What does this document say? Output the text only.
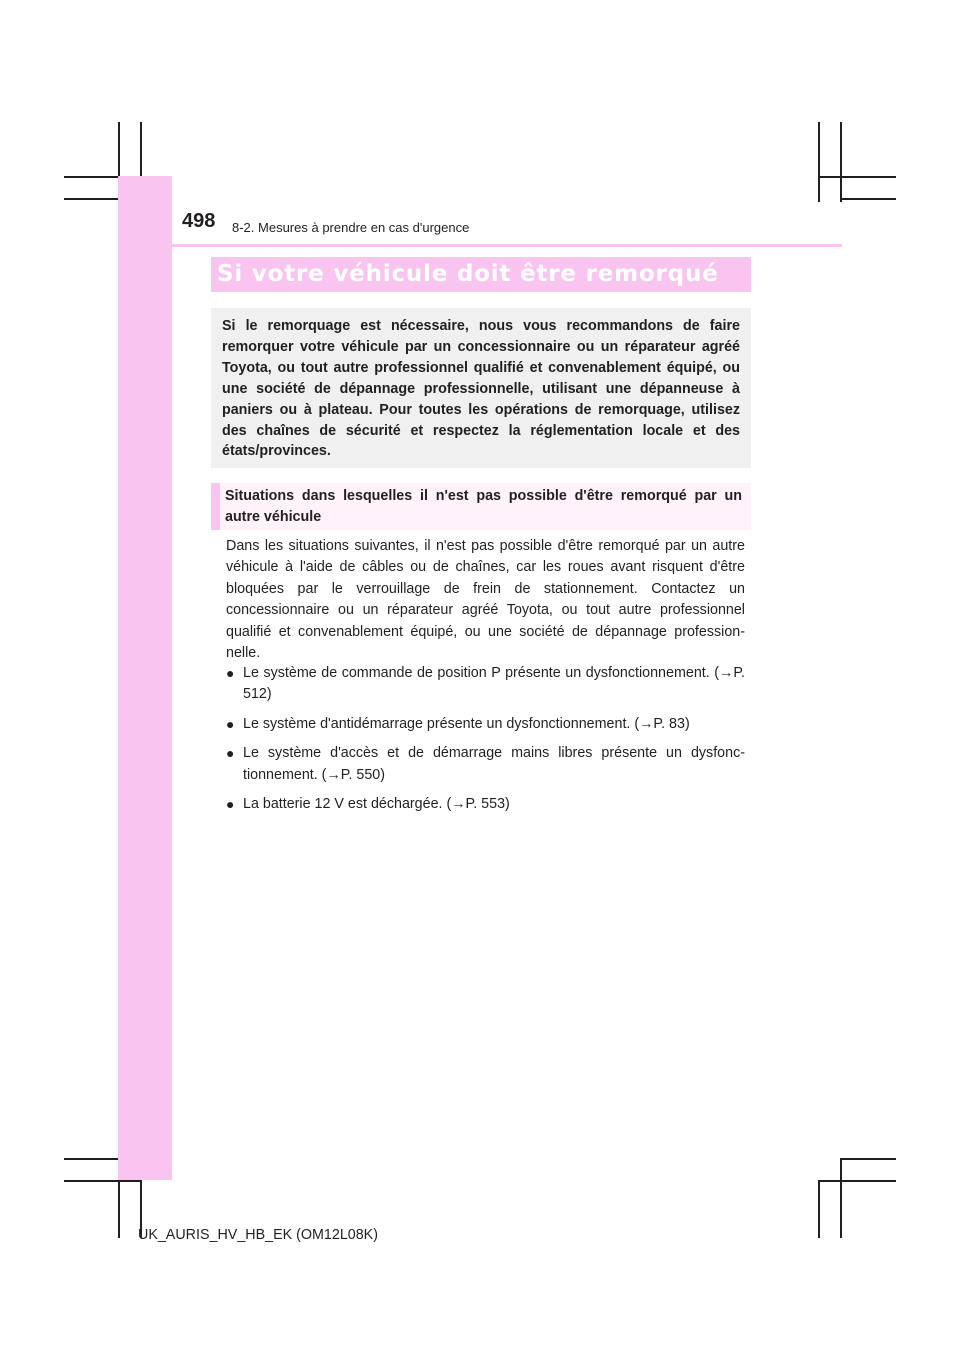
498 8-2. Mesures à prendre en cas d'urgence
Si votre véhicule doit être remorqué

Si le remorquage est nécessaire, nous vous recommandons de faire remorquer votre véhicule par un concessionnaire ou un réparateur agréé Toyota, ou tout autre professionnel qualifié et convenablement équipé, ou une société de dépannage professionnelle, utilisant une dépanneuse à paniers ou à plateau. Pour toutes les opérations de remorquage, utilisez des chaînes de sécurité et respectez la réglementation locale et des états/provinces.

Situations dans lesquelles il n'est pas possible d'être remorqué par un autre véhicule

Dans les situations suivantes, il n'est pas possible d'être remorqué par un autre véhicule à l'aide de câbles ou de chaînes, car les roues avant risquent d'être bloquées par le verrouillage de frein de stationnement. Contactez un concessionnaire ou un réparateur agréé Toyota, ou tout autre professionnel qualifié et convenablement équipé, ou une société de dépannage profession-nelle.

● Le système de commande de position P présente un dysfonctionnement. (→P. 512)
● Le système d'antidémarrage présente un dysfonctionnement. (→P. 83)
● Le système d'accès et de démarrage mains libres présente un dysfonc-tionnement. (→P. 550)
● La batterie 12 V est déchargée. (→P. 553)
UK_AURIS_HV_HB_EK (OM12L08K)
